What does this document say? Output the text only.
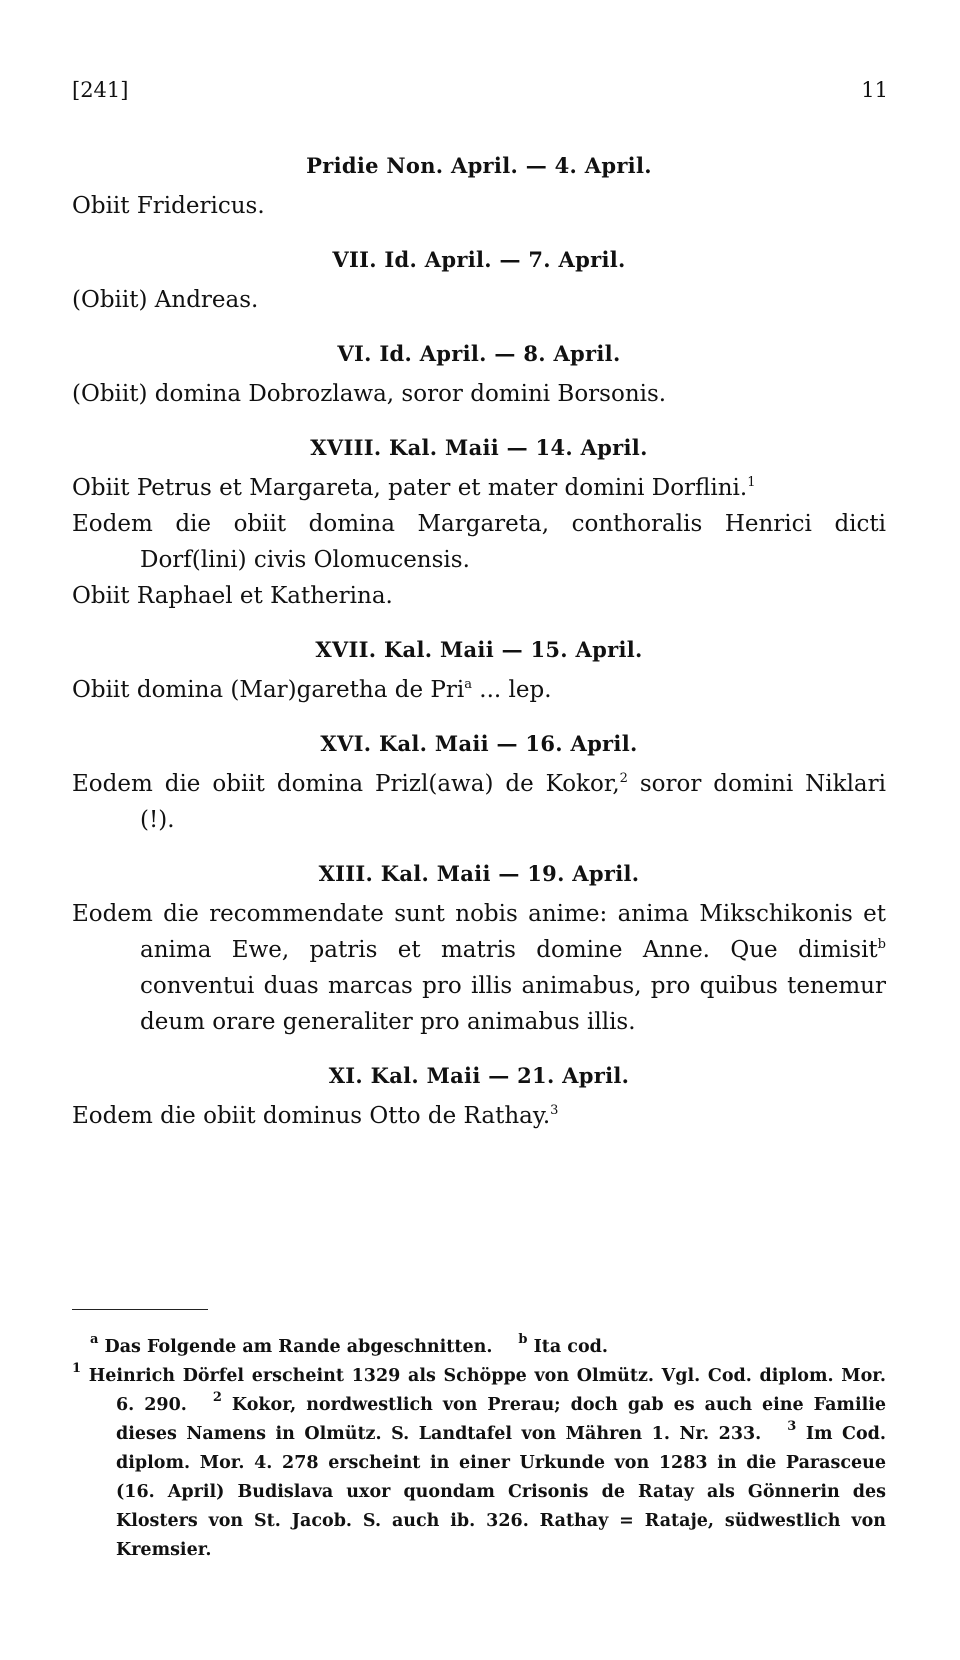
[241]	11
Pridie Non. April. — 4. April.

Obiit Fridericus.

VII. Id. April. — 7. April.

(Obiit) Andreas.

VI. Id. April. — 8. April.

(Obiit) domina Dobrozlawa, soror domini Borsonis.

XVIII. Kal. Maii — 14. April.

Obiit Petrus et Margareta, pater et mater domini Dorflini.$^1$

Eodem die obiit domina Margareta, conthoralis Henrici dicti Dorf(lini) civis Olomucensis.

Obiit Raphael et Katherina.

XVII. Kal. Maii — 15. April.

Obiit domina (Mar)garetha de Pri$^a$ ... lep.

XVI. Kal. Maii — 16. April.

Eodem die obiit domina Prizl(awa) de Kokor,$^2$ soror domini Niklari (!).

XIII. Kal. Maii — 19. April.

Eodem die recommendate sunt nobis anime: anima Mikschikonis et anima Ewe, patris et matris domine Anne. Que dimisit$^b$ conventui duas marcas pro illis animabus, pro quibus tenemur deum orare generaliter pro animabus illis.

XI. Kal. Maii — 21. April.

Eodem die obiit dominus Otto de Rathay.$^3$

$^a$ Das Folgende am Rande abgeschnitten. $^b$ Ita cod.

$^1$ Heinrich Dörfel erscheint 1329 als Schöppe von Olmütz. Vgl. Cod. diplom. Mor. 6. 290. $^2$ Kokor, nordwestlich von Prerau; doch gab es auch eine Familie dieses Namens in Olmütz. S. Landtafel von Mähren 1. Nr. 233. $^3$ Im Cod. diplom. Mor. 4. 278 erscheint in einer Urkunde von 1283 in die Parasceue (16. April) Budislava uxor quondam Crisonis de Ratay als Gönnerin des Klosters von St. Jacob. S. auch ib. 326. Rathay = Rataje, südwestlich von Kremsier.
